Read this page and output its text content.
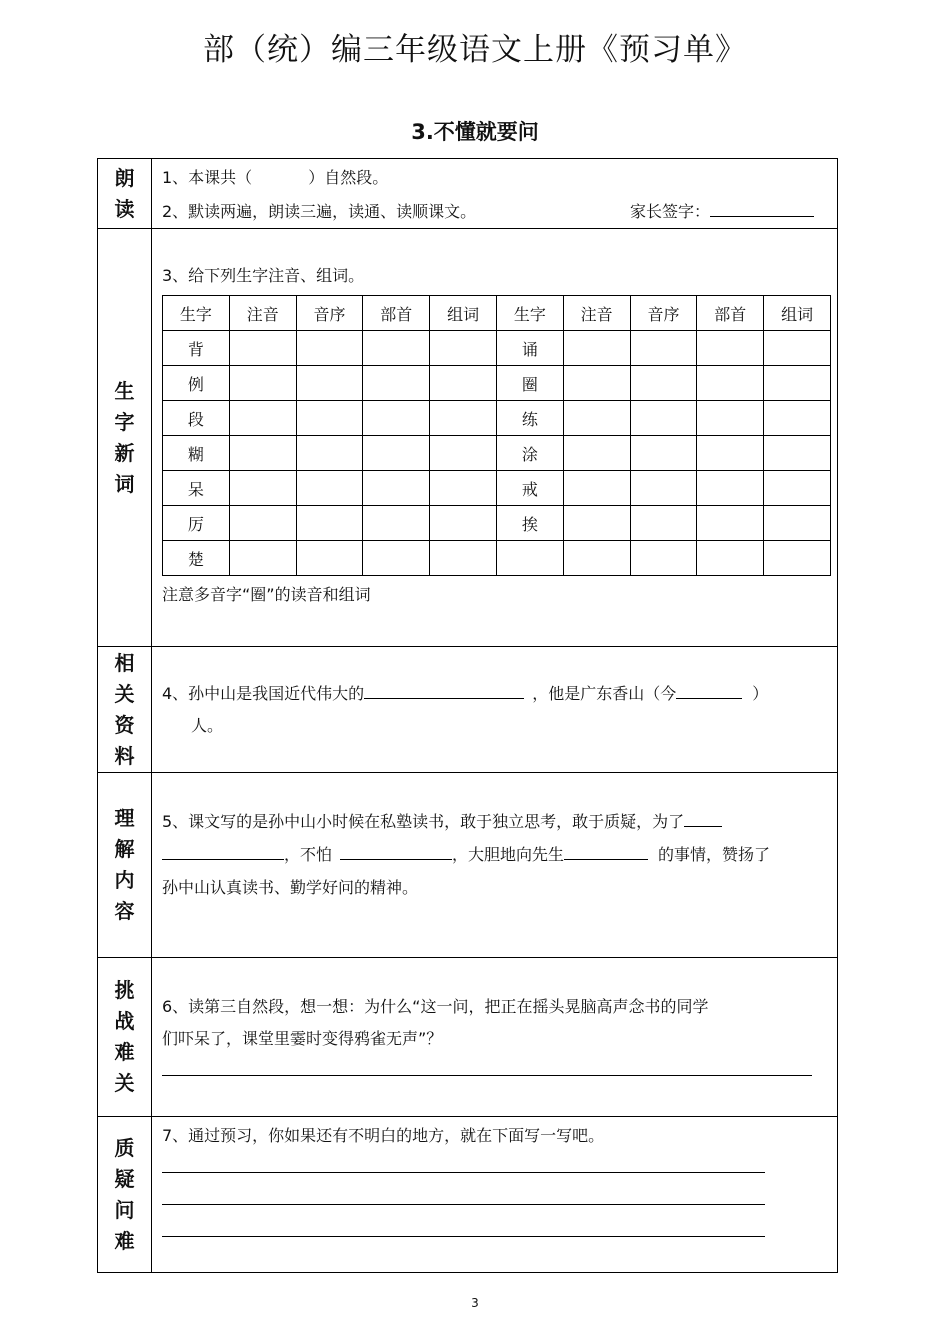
部（统）编三年级语文上册《预习单》
3.不懂就要问
朗读
1、本课共（	）自然段。
2、默读两遍，朗读三遍，读通、读顺课文。	家长签字：
生字新词
3、给下列生字注音、组词。
生字	注音	音序	部首	组词	生字	注音	音序	部首	组词
背					诵				
例					圈				
段					练				
糊					涂				
呆					戒				
厉					挨				
楚									
注意多音字“圈”的读音和组词
相关资料
4、孙中山是我国近代伟大的	，他是广东香山（今	）
人。
理解内容
5、课文写的是孙中山小时候在私塾读书，敢于独立思考，敢于质疑，为了
，不怕	，大胆地向先生	的事情，赞扬了
孙中山认真读书、勤学好问的精神。
挑战难关
6、读第三自然段，想一想：为什么“这一问，把正在摇头晃脑高声念书的同学
们吓呆了，课堂里霎时变得鸦雀无声”？
质疑问难
7、通过预习，你如果还有不明白的地方，就在下面写一写吧。
3
